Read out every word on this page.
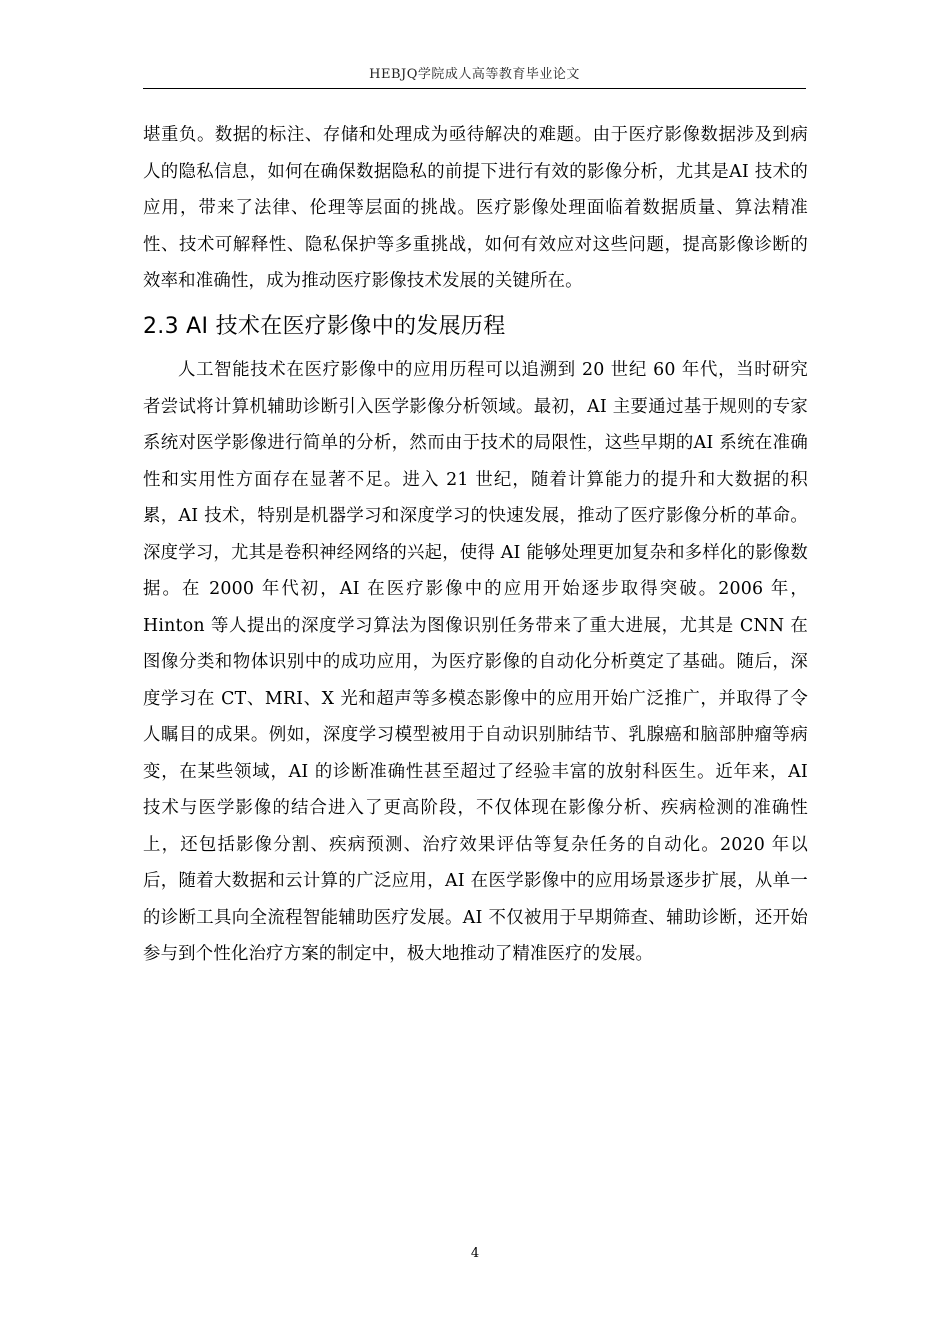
HEBJQ学院成人高等教育毕业论文

堪重负。数据的标注、存储和处理成为亟待解决的难题。由于医疗影像数据涉及到病人的隐私信息，如何在确保数据隐私的前提下进行有效的影像分析，尤其是AI 技术的应用，带来了法律、伦理等层面的挑战。医疗影像处理面临着数据质量、算法精准性、技术可解释性、隐私保护等多重挑战，如何有效应对这些问题，提高影像诊断的效率和准确性，成为推动医疗影像技术发展的关键所在。

2.3 AI 技术在医疗影像中的发展历程

人工智能技术在医疗影像中的应用历程可以追溯到 20 世纪 60 年代，当时研究者尝试将计算机辅助诊断引入医学影像分析领域。最初，AI 主要通过基于规则的专家系统对医学影像进行简单的分析，然而由于技术的局限性，这些早期的AI 系统在准确性和实用性方面存在显著不足。进入 21 世纪，随着计算能力的提升和大数据的积累，AI 技术，特别是机器学习和深度学习的快速发展，推动了医疗影像分析的革命。深度学习，尤其是卷积神经网络的兴起，使得 AI 能够处理更加复杂和多样化的影像数据。在 2000 年代初，AI 在医疗影像中的应用开始逐步取得突破。2006 年，Hinton 等人提出的深度学习算法为图像识别任务带来了重大进展，尤其是 CNN 在图像分类和物体识别中的成功应用，为医疗影像的自动化分析奠定了基础。随后，深度学习在 CT、MRI、X 光和超声等多模态影像中的应用开始广泛推广，并取得了令人瞩目的成果。例如，深度学习模型被用于自动识别肺结节、乳腺癌和脑部肿瘤等病变，在某些领域，AI 的诊断准确性甚至超过了经验丰富的放射科医生。近年来，AI 技术与医学影像的结合进入了更高阶段，不仅体现在影像分析、疾病检测的准确性上，还包括影像分割、疾病预测、治疗效果评估等复杂任务的自动化。2020 年以后，随着大数据和云计算的广泛应用，AI 在医学影像中的应用场景逐步扩展，从单一的诊断工具向全流程智能辅助医疗发展。AI 不仅被用于早期筛查、辅助诊断，还开始参与到个性化治疗方案的制定中，极大地推动了精准医疗的发展。

4
